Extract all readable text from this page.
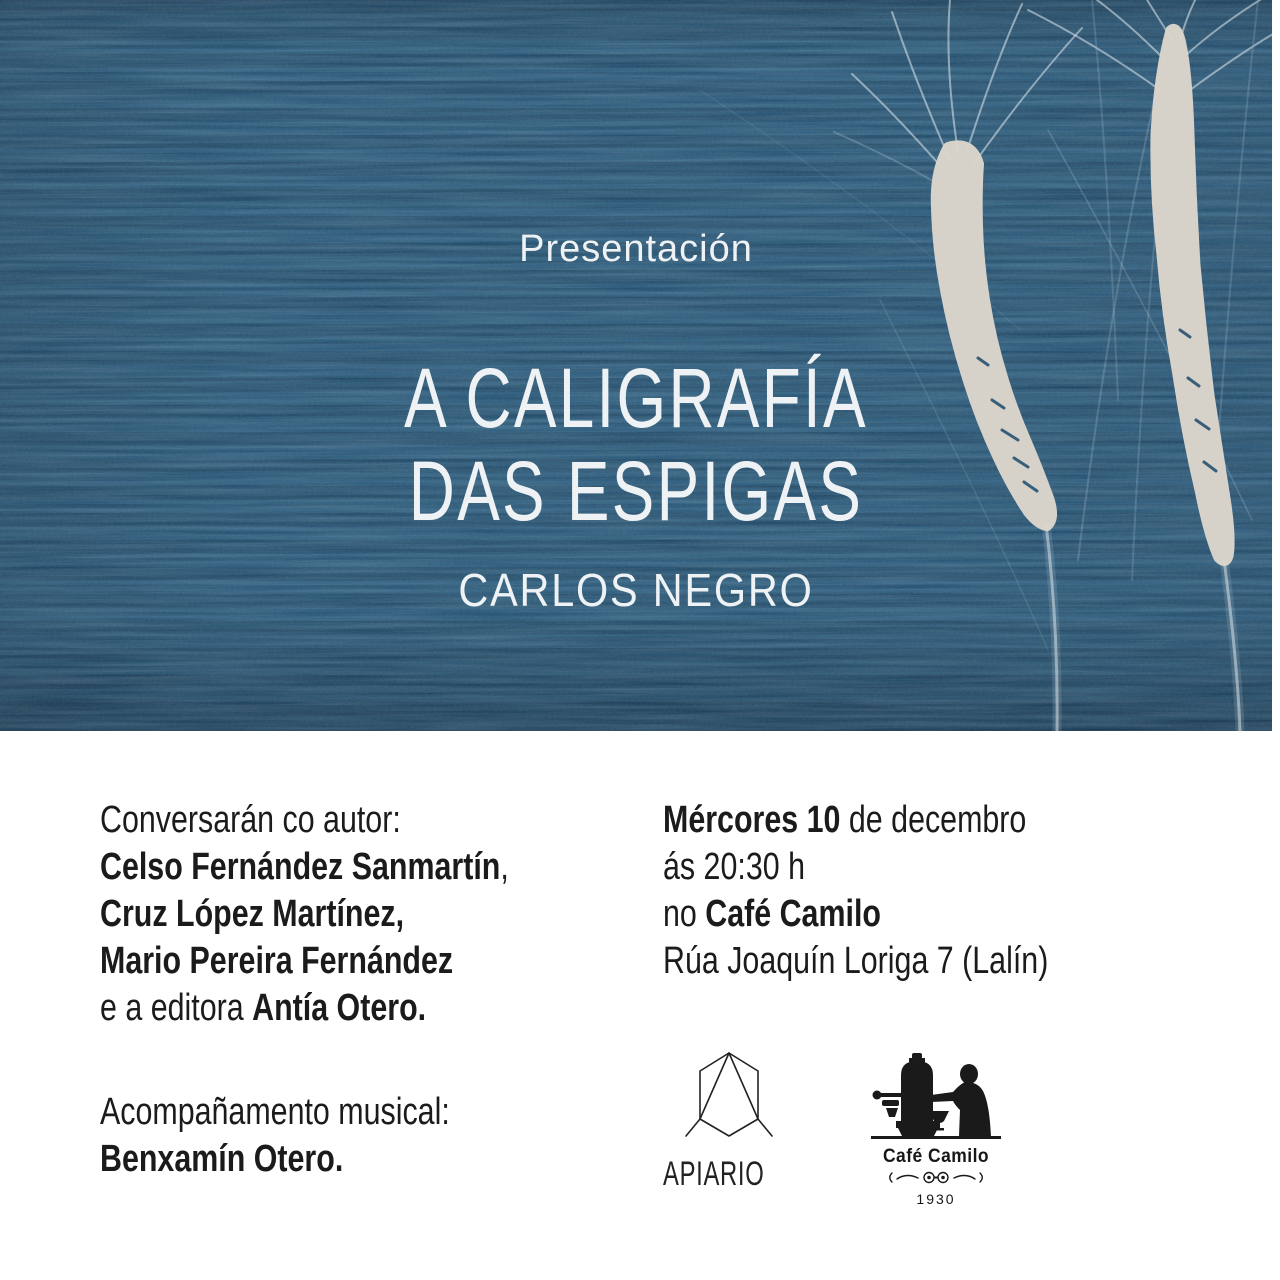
Presentación
A CALIGRAFÍA
DAS ESPIGAS
CARLOS NEGRO

Conversarán co autor:

Celso Fernández Sanmartín,

Cruz López Martínez,

Mario Pereira Fernández

e a editora Antía Otero.

Acompañamento musical:

Benxamín Otero.

Mércores 10 de decembro

ás 20:30 h

no Café Camilo

Rúa Joaquín Loriga 7 (Lalín)

APIARIO	Café Camilo
1930
